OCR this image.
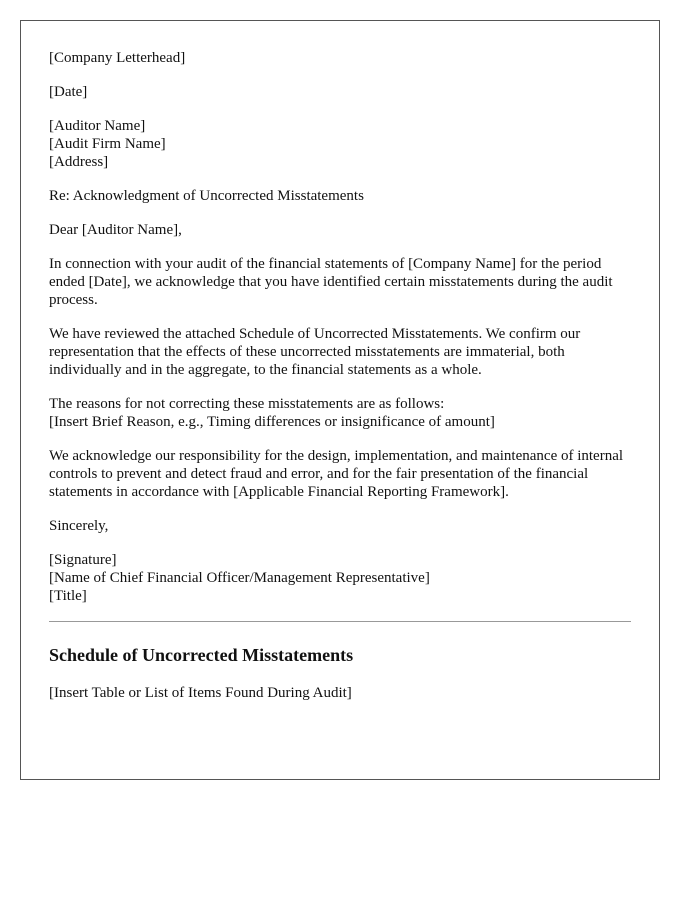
[Company Letterhead]

[Date]

[Auditor Name]

[Audit Firm Name]

[Address]

Re: Acknowledgment of Uncorrected Misstatements

Dear [Auditor Name],

In connection with your audit of the financial statements of [Company Name] for the period ended [Date], we acknowledge that you have identified certain misstatements during the audit process.

We have reviewed the attached Schedule of Uncorrected Misstatements. We confirm our representation that the effects of these uncorrected misstatements are immaterial, both individually and in the aggregate, to the financial statements as a whole.

The reasons for not correcting these misstatements are as follows:

[Insert Brief Reason, e.g., Timing differences or insignificance of amount]

We acknowledge our responsibility for the design, implementation, and maintenance of internal controls to prevent and detect fraud and error, and for the fair presentation of the financial statements in accordance with [Applicable Financial Reporting Framework].

Sincerely,

[Signature]

[Name of Chief Financial Officer/Management Representative]

[Title]

Schedule of Uncorrected Misstatements

[Insert Table or List of Items Found During Audit]
